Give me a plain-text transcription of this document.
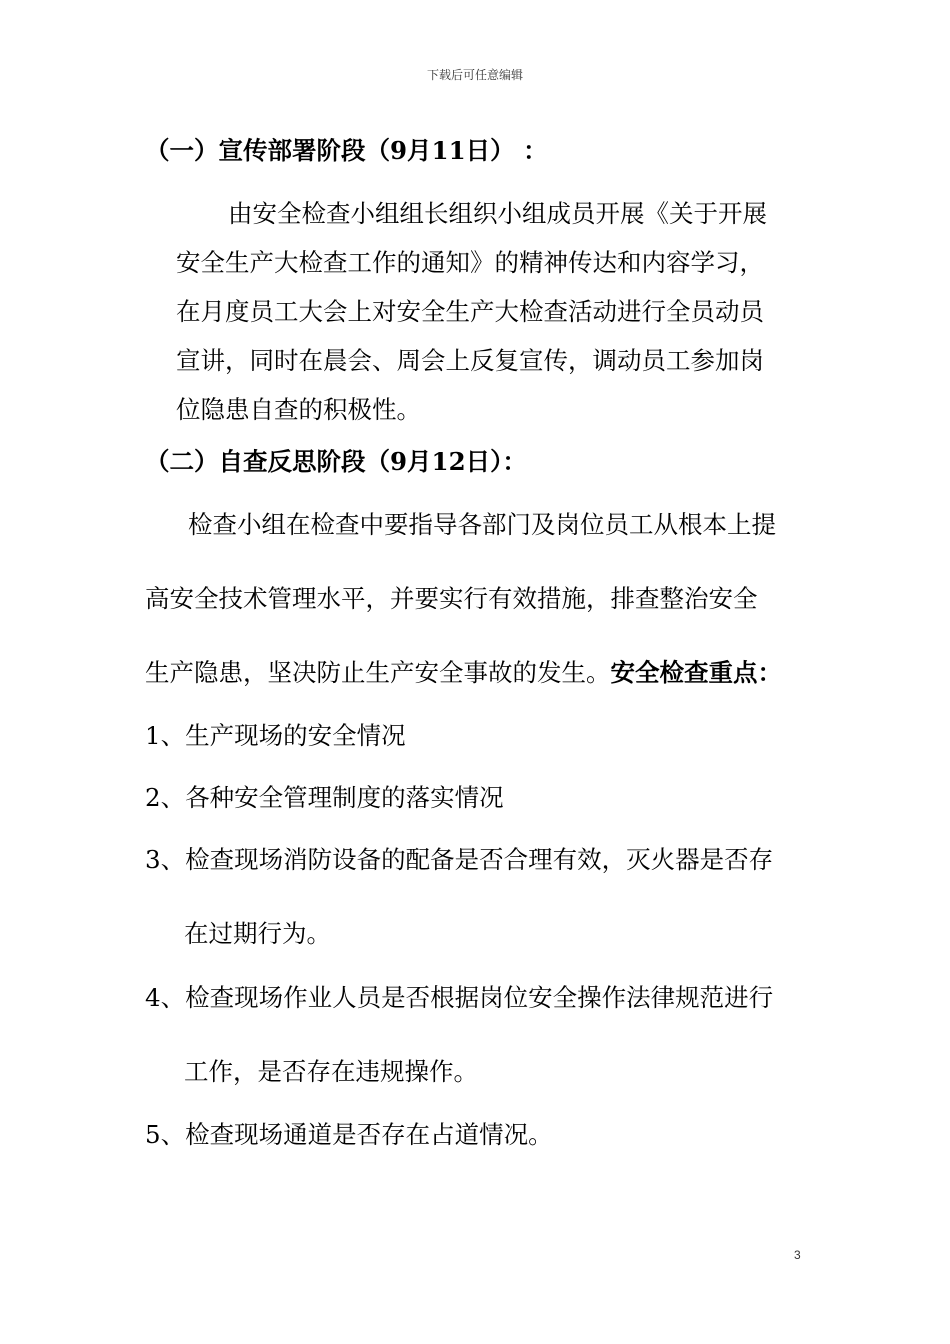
下载后可任意编辑
（一）宣传部署阶段（9月11日） ：
由安全检查小组组长组织小组成员开展《关于开展
安全生产大检查工作的通知》的精神传达和内容学习，
在月度员工大会上对安全生产大检查活动进行全员动员
宣讲，同时在晨会、周会上反复宣传，调动员工参加岗
位隐患自查的积极性。
（二）自查反思阶段（9月12日）：
检查小组在检查中要指导各部门及岗位员工从根本上提
高安全技术管理水平，并要实行有效措施，排查整治安全
生产隐患，坚决防止生产安全事故的发生。安全检查重点：
1、生产现场的安全情况
2、各种安全管理制度的落实情况
3、检查现场消防设备的配备是否合理有效，灭火器是否存
在过期行为。
4、检查现场作业人员是否根据岗位安全操作法律规范进行
工作，是否存在违规操作。
5、检查现场通道是否存在占道情况。
3
